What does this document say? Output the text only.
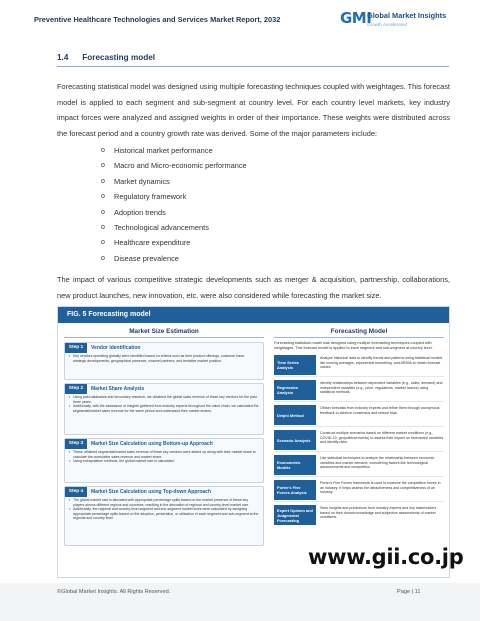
Preventive Healthcare Technologies and Services Market Report, 2032	GMI
Global Market Insights
Growth Accelerated
1.4 Forecasting model
Forecasting statistical model was designed using multiple forecasting techniques coupled with weightages. This forecast model is applied to each segment and sub-segment at country level. For each country level markets, key industry impact forces were analyzed and assigned weights in order of their importance. These weights were distributed across the forecast period and a country growth rate was derived. Some of the major parameters include:
o Historical market performance
o Macro and Micro-economic performance
o Market dynamics
o Regulatory framework
o Adoption trends
o Technological advancements
o Healthcare expenditure
o Disease prevalence
The impact of various competitive strategic developments such as merger & acquisition, partnership, collaborations, new product launches, new innovation, etc. were also considered while forecasting the market size.
FIG. 5 Forecasting model
Market Size Estimation	Forecasting Model
Step 1	Vendor Identification
• Key vendors operating globally were identified based on criteria such as their product offerings, customer base, strategic developments, geographical presence, channel partners, and tentative market position.
Step 2	Market Share Analysis
• Using paid databases and secondary research, we obtained the global sales revenue of these key vendors for the past three years.
• Additionally, with the assistance of insights gathered from industry experts throughout the value chain, we calculated the segmental/market sales revenue for the same period and understand their market shares.
Step 3	Market Size Calculation using Bottom-up Approach
• These obtained segmental/market sales revenue of these key vendors were added up along with their market share to calculate the cumulative sales revenue and market share.
• Using extrapolation methods, the global market size is calculated.
Step 4	Market Size Calculation using Top-down Approach
• The global market size is allocated with appropriate percentage splits based on the market presence of these key players across different regions and countries, resulting in the derivation of regional and country-level market size.
• Additionally, the regional and country-level segment and sub-segment market sizes were calculated by assigning appropriate percentage splits based on the adoption, penetration, or utilization of each segment and sub-segment at the regional and country level.
Forecasting statistical model was designed using multiple forecasting techniques coupled with weightages. This forecast model is applied to each segment and sub-segment at country level.
Time Series Analysis
Analyze historical data to identify trends and patterns using statistical models like moving averages, exponential smoothing, and ARIMA to obtain forecast values.
Regression Analysis
Identify relationships between dependent variables (e.g., sales, demand) and independent variables (e.g., price, regulations, market factors) using statistical methods.
Delphi Method
Obtain forecasts from industry experts and refine them through anonymous feedback to achieve consensus and reduce bias.
Scenario Analysis
Construct multiple scenarios based on different market conditions (e.g., COVID-19, geopolitical events) to assess their impact on forecasted variables and identify risks.
Econometric Models
Use statistical techniques to analyze the relationship between economic variables and market demand, considering factors like technological advancements and competition.
Porter's Five Forces Analysis
Porter's Five Forces framework is used to examine the competitive forces in an industry. It helps assess the attractiveness and competitiveness of an industry.
Expert Opinion and Judgmental Forecasting
Seek insights and predictions from industry experts and key stakeholders based on their domain knowledge and subjective assessments of market conditions.
www.gii.co.jp
©Global Market Insights. All Rights Reserved.	Page | 11
